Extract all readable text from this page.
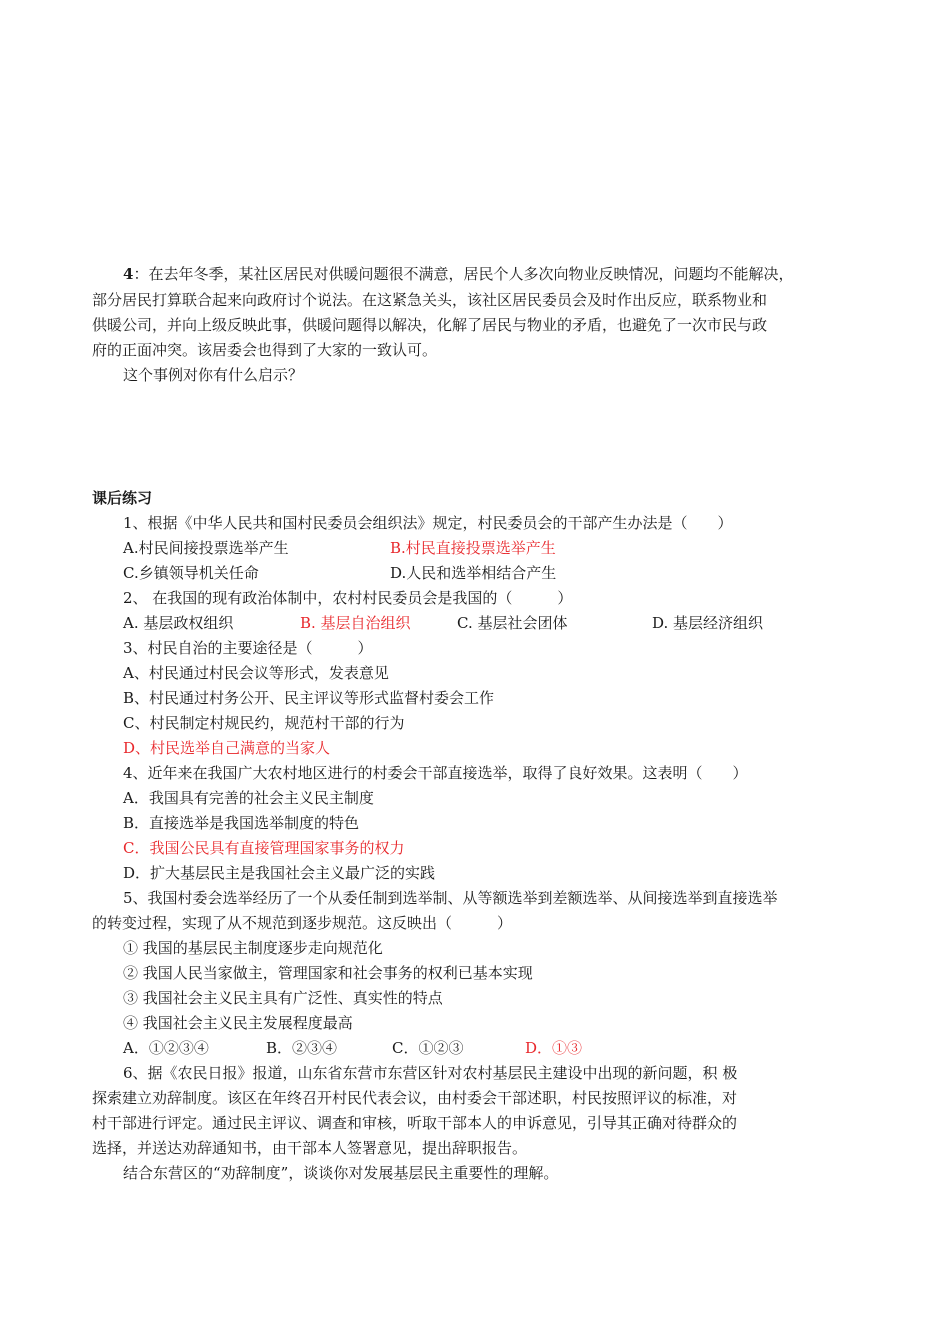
4：在去年冬季，某社区居民对供暖问题很不满意，居民个人多次向物业反映情况，问题均不能解决，
部分居民打算联合起来向政府讨个说法。在这紧急关头，该社区居民委员会及时作出反应，联系物业和
供暖公司，并向上级反映此事，供暖问题得以解决，化解了居民与物业的矛盾，也避免了一次市民与政
府的正面冲突。该居委会也得到了大家的一致认可。
这个事例对你有什么启示？
课后练习
1、根据《中华人民共和国村民委员会组织法》规定，村民委员会的干部产生办法是（　　）
A.村民间接投票选举产生	B.村民直接投票选举产生
C.乡镇领导机关任命	D.人民和选举相结合产生
2、 在我国的现有政治体制中，农村村民委员会是我国的（　　　）
A. 基层政权组织	B. 基层自治组织	C. 基层社会团体	D. 基层经济组织
3、村民自治的主要途径是（　　　）
A、村民通过村民会议等形式，发表意见
B、村民通过村务公开、民主评议等形式监督村委会工作
C、村民制定村规民约，规范村干部的行为
D、村民选举自己满意的当家人
4、近年来在我国广大农村地区进行的村委会干部直接选举，取得了良好效果。这表明（　　）
A．我国具有完善的社会主义民主制度
B．直接选举是我国选举制度的特色
C．我国公民具有直接管理国家事务的权力
D．扩大基层民主是我国社会主义最广泛的实践
5、我国村委会选举经历了一个从委任制到选举制、从等额选举到差额选举、从间接选举到直接选举
的转变过程，实现了从不规范到逐步规范。这反映出（　　　）
① 我国的基层民主制度逐步走向规范化
② 我国人民当家做主，管理国家和社会事务的权利已基本实现
③ 我国社会主义民主具有广泛性、真实性的特点
④ 我国社会主义民主发展程度最高
A．①②③④	B．②③④	C．①②③	D．①③
6、据《农民日报》报道，山东省东营市东营区针对农村基层民主建设中出现的新问题，积 极
探索建立劝辞制度。该区在年终召开村民代表会议，由村委会干部述职，村民按照评议的标准，对
村干部进行评定。通过民主评议、调查和审核，听取干部本人的申诉意见，引导其正确对待群众的
选择，并送达劝辞通知书，由干部本人签署意见，提出辞职报告。
结合东营区的“劝辞制度”，谈谈你对发展基层民主重要性的理解。
